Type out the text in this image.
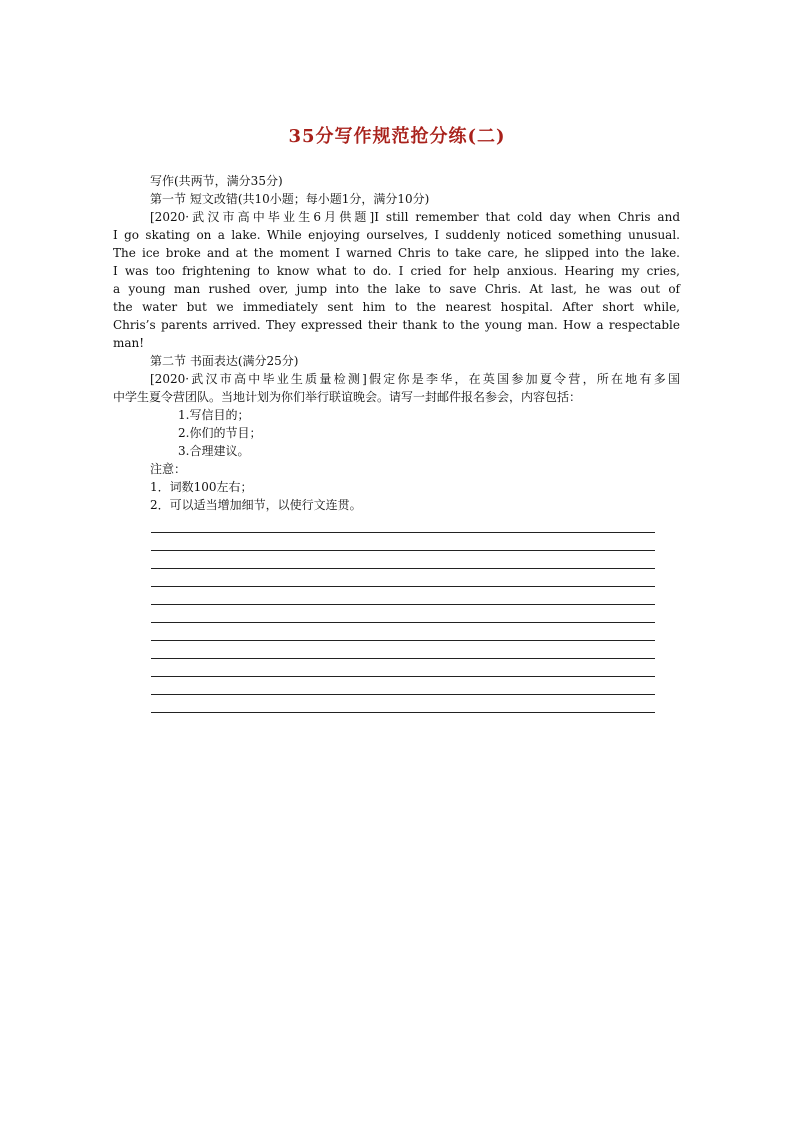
35分写作规范抢分练(二)
写作(共两节，满分35分)
第一节 短文改错(共10小题；每小题1分，满分10分)
[2020·武汉市高中毕业生6月供题]I still remember that cold day when Chris and
I go skating on a lake. While enjoying ourselves, I suddenly noticed something unusual.
The ice broke and at the moment I warned Chris to take care, he slipped into the lake.
I was too frightening to know what to do. I cried for help anxious. Hearing my cries,
a young man rushed over, jump into the lake to save Chris. At last, he was out of
the water but we immediately sent him to the nearest hospital. After short while,
Chris’s parents arrived. They expressed their thank to the young man. How a respectable
man!
第二节 书面表达(满分25分)
[2020·武汉市高中毕业生质量检测]假定你是李华，在英国参加夏令营，所在地有多国
中学生夏令营团队。当地计划为你们举行联谊晚会。请写一封邮件报名参会，内容包括：
1.写信目的；
2.你们的节目；
3.合理建议。
注意：
1．词数100左右；
2．可以适当增加细节，以使行文连贯。
